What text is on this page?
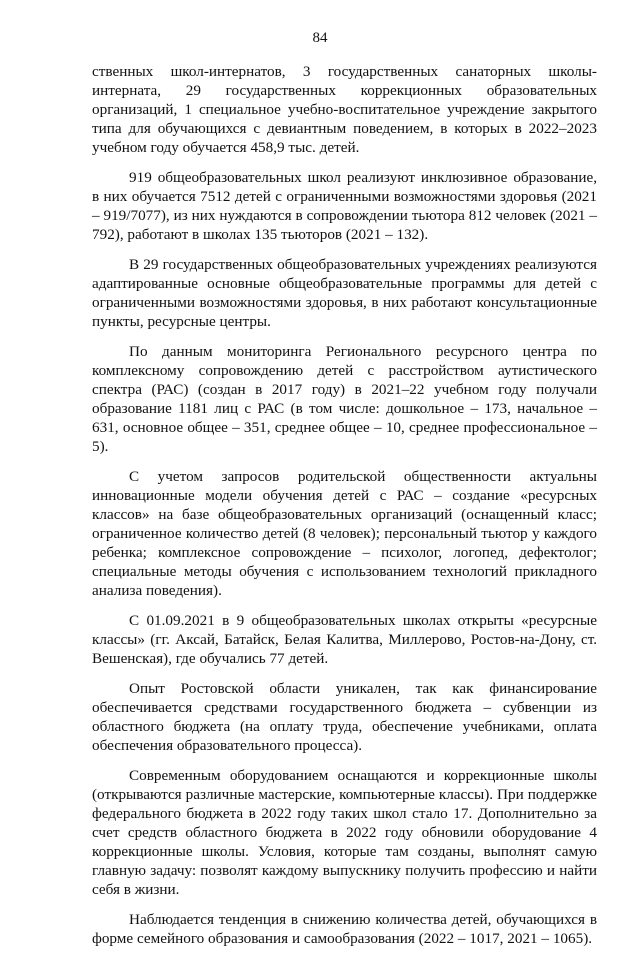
84

ственных школ-интернатов, 3 государственных санаторных школы-интерната, 29 государственных коррекционных образовательных организаций, 1 специальное учебно-воспитательное учреждение закрытого типа для обучающихся с девиантным поведением, в которых в 2022–2023 учебном году обучается 458,9 тыс. детей.

919 общеобразовательных школ реализуют инклюзивное образование, в них обучается 7512 детей с ограниченными возможностями здоровья (2021 – 919/7077), из них нуждаются в сопровождении тьютора 812 человек (2021 – 792), работают в школах 135 тьюторов (2021 – 132).

В 29 государственных общеобразовательных учреждениях реализуются адаптированные основные общеобразовательные программы для детей с ограниченными возможностями здоровья, в них работают консультационные пункты, ресурсные центры.

По данным мониторинга Регионального ресурсного центра по комплексному сопровождению детей с расстройством аутистического спектра (РАС) (создан в 2017 году) в 2021–22 учебном году получали образование 1181 лиц с РАС (в том числе: дошкольное – 173, начальное – 631, основное общее – 351, среднее общее – 10, среднее профессиональное – 5).

С учетом запросов родительской общественности актуальны инновационные модели обучения детей с РАС – создание «ресурсных классов» на базе общеобразовательных организаций (оснащенный класс; ограниченное количество детей (8 человек); персональный тьютор у каждого ребенка; комплексное сопровождение – психолог, логопед, дефектолог; специальные методы обучения с использованием технологий прикладного анализа поведения).

С 01.09.2021 в 9 общеобразовательных школах открыты «ресурсные классы» (гг. Аксай, Батайск, Белая Калитва, Миллерово, Ростов-на-Дону, ст. Вешенская), где обучались 77 детей.

Опыт Ростовской области уникален, так как финансирование обеспечивается средствами государственного бюджета – субвенции из областного бюджета (на оплату труда, обеспечение учебниками, оплата обеспечения образовательного процесса).

Современным оборудованием оснащаются и коррекционные школы (открываются различные мастерские, компьютерные классы). При поддержке федерального бюджета в 2022 году таких школ стало 17. Дополнительно за счет средств областного бюджета в 2022 году обновили оборудование 4 коррекционные школы. Условия, которые там созданы, выполнят самую главную задачу: позволят каждому выпускнику получить профессию и найти себя в жизни.

Наблюдается тенденция в снижению количества детей, обучающихся в форме семейного образования и самообразования (2022 – 1017, 2021 – 1065).
